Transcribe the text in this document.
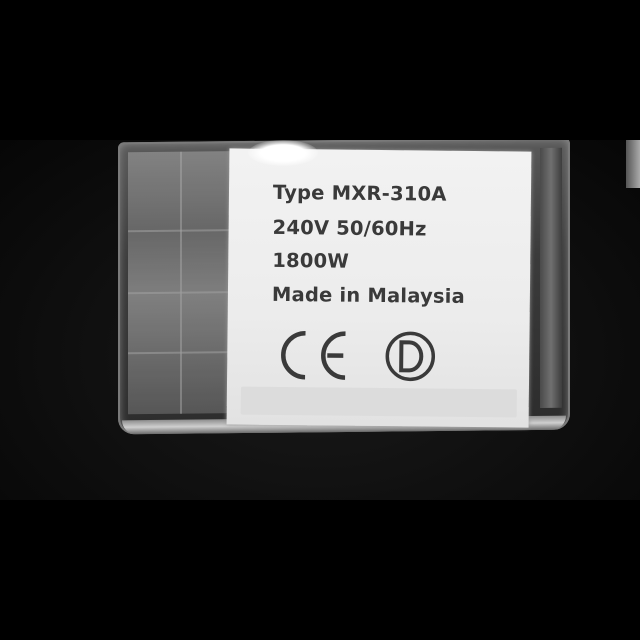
Type MXR-310A
240V 50/60Hz
1800W
Made in Malaysia
